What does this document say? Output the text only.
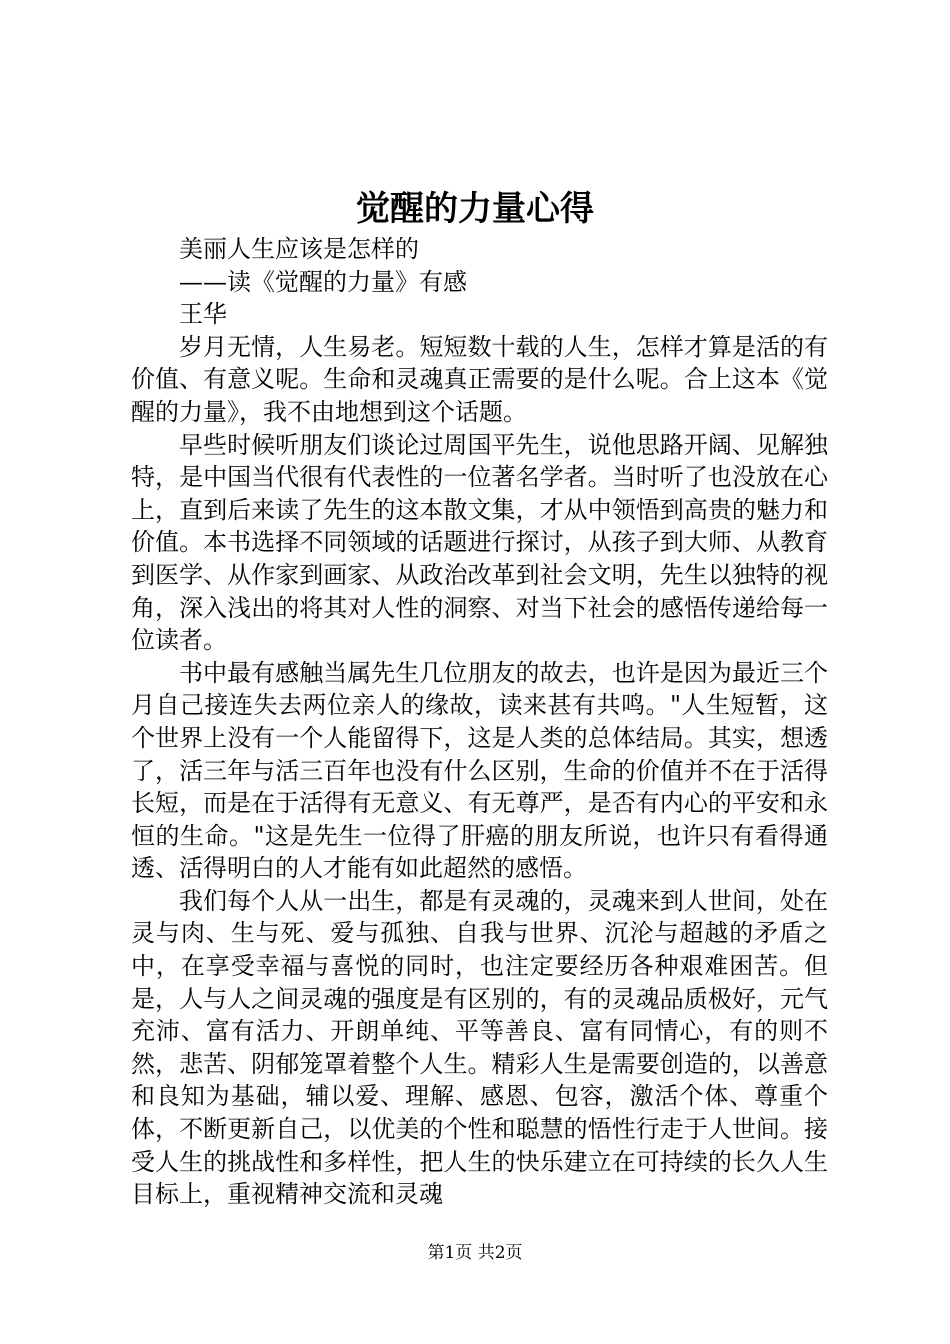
觉醒的力量心得

美丽人生应该是怎样的

——读《觉醒的力量》有感

王华

岁月无情，人生易老。短短数十载的人生，怎样才算是活的有价值、有意义呢。生命和灵魂真正需要的是什么呢。合上这本《觉醒的力量》，我不由地想到这个话题。

早些时候听朋友们谈论过周国平先生，说他思路开阔、见解独特，是中国当代很有代表性的一位著名学者。当时听了也没放在心上，直到后来读了先生的这本散文集，才从中领悟到高贵的魅力和价值。本书选择不同领域的话题进行探讨，从孩子到大师、从教育到医学、从作家到画家、从政治改革到社会文明，先生以独特的视角，深入浅出的将其对人性的洞察、对当下社会的感悟传递给每一位读者。

书中最有感触当属先生几位朋友的故去，也许是因为最近三个月自己接连失去两位亲人的缘故，读来甚有共鸣。"人生短暂，这个世界上没有一个人能留得下，这是人类的总体结局。其实，想透了，活三年与活三百年也没有什么区别，生命的价值并不在于活得长短，而是在于活得有无意义、有无尊严，是否有内心的平安和永恒的生命。"这是先生一位得了肝癌的朋友所说，也许只有看得通透、活得明白的人才能有如此超然的感悟。

我们每个人从一出生，都是有灵魂的，灵魂来到人世间，处在灵与肉、生与死、爱与孤独、自我与世界、沉沦与超越的矛盾之中，在享受幸福与喜悦的同时，也注定要经历各种艰难困苦。但是，人与人之间灵魂的强度是有区别的，有的灵魂品质极好，元气充沛、富有活力、开朗单纯、平等善良、富有同情心，有的则不然，悲苦、阴郁笼罩着整个人生。精彩人生是需要创造的，以善意和良知为基础，辅以爱、理解、感恩、包容，激活个体、尊重个体，不断更新自己，以优美的个性和聪慧的悟性行走于人世间。接受人生的挑战性和多样性，把人生的快乐建立在可持续的长久人生目标上，重视精神交流和灵魂

第1页 共2页
